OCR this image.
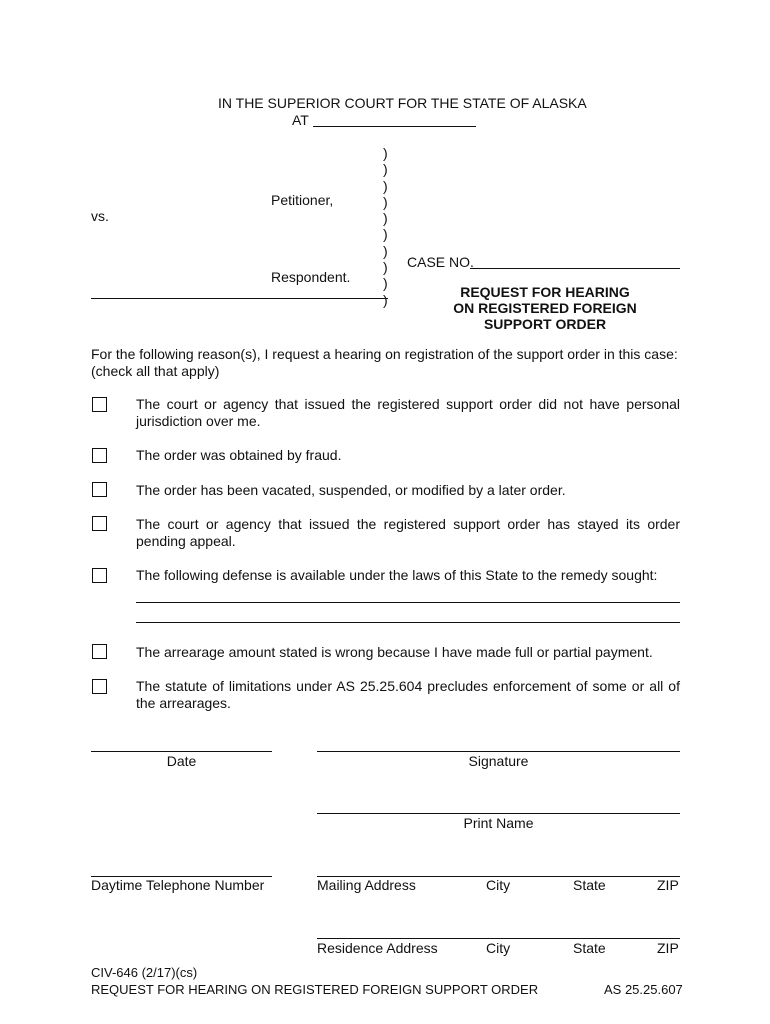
IN THE SUPERIOR COURT FOR THE STATE OF ALASKA
AT
)
)
)
)
)
)
)
)
)
)
Petitioner,
vs.
Respondent.
CASE NO.
REQUEST FOR HEARING
ON REGISTERED FOREIGN
SUPPORT ORDER
For the following reason(s), I request a hearing on registration of the support order in this case:
(check all that apply)
The court or agency that issued the registered support order did not have personal jurisdiction over me.
The order was obtained by fraud.
The order has been vacated, suspended, or modified by a later order.
The court or agency that issued the registered support order has stayed its order pending appeal.
The following defense is available under the laws of this State to the remedy sought:
The arrearage amount stated is wrong because I have made full or partial payment.
The statute of limitations under AS 25.25.604 precludes enforcement of some or all of the arrearages.
Date	Signature
Print Name
Daytime Telephone Number	Mailing Address	City	State	ZIP
Residence Address	City	State	ZIP
CIV-646 (2/17)(cs)
REQUEST FOR HEARING ON REGISTERED FOREIGN SUPPORT ORDER	AS 25.25.607
